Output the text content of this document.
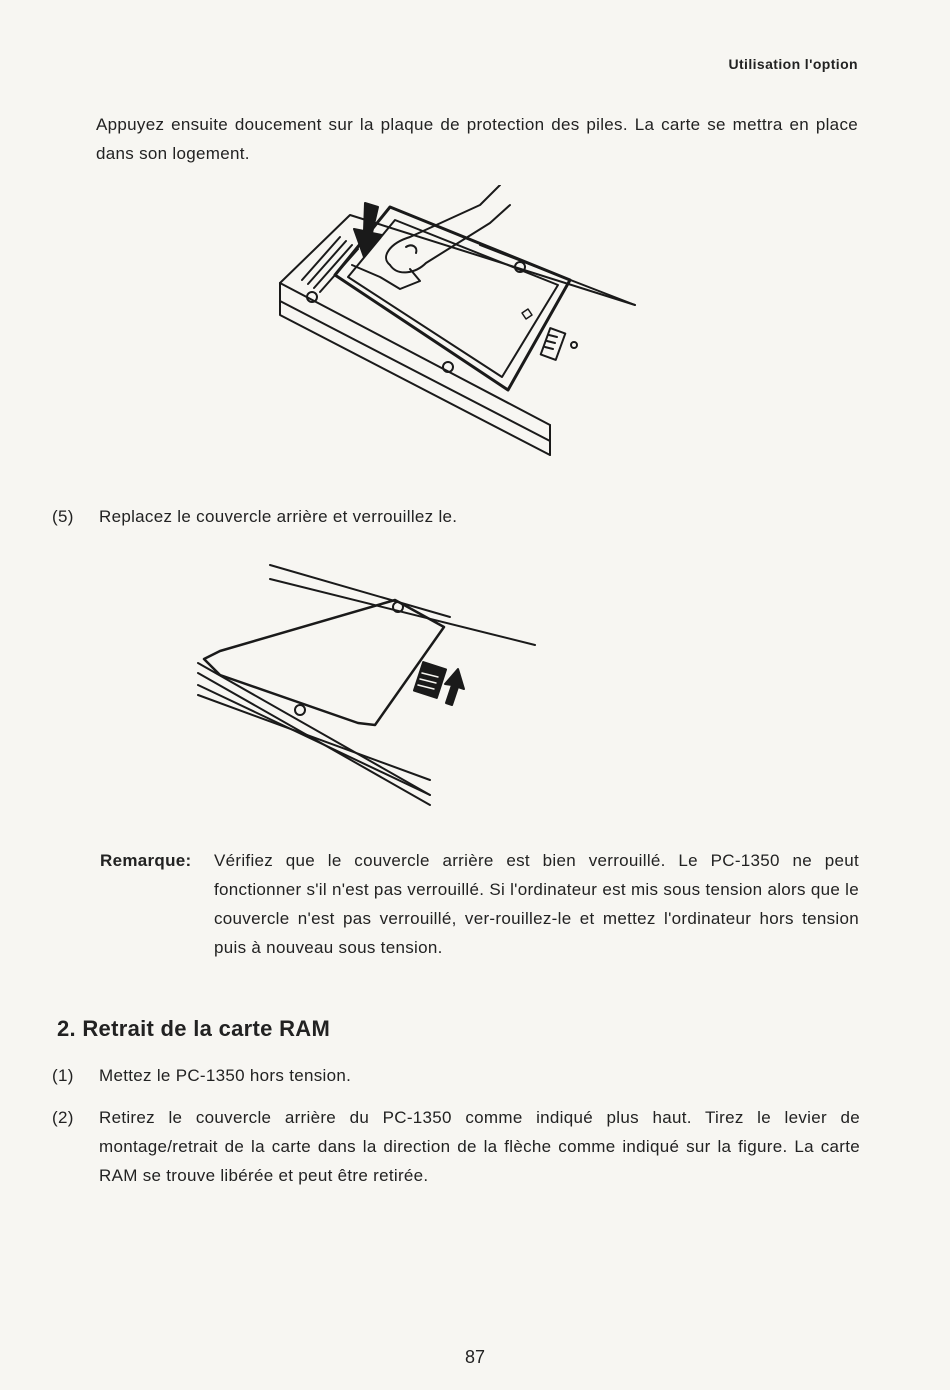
Utilisation l'option
Appuyez ensuite doucement sur la plaque de protection des piles. La carte se mettra en place dans son logement.
(5) Replacez le couvercle arrière et verrouillez le.
Remarque: Vérifiez que le couvercle arrière est bien verrouillé. Le PC-1350 ne peut fonctionner s'il n'est pas verrouillé. Si l'ordinateur est mis sous tension alors que le couvercle n'est pas verrouillé, ver-rouillez-le et mettez l'ordinateur hors tension puis à nouveau sous tension.
2. Retrait de la carte RAM
(1) Mettez le PC-1350 hors tension.
(2) Retirez le couvercle arrière du PC-1350 comme indiqué plus haut. Tirez le levier de montage/retrait de la carte dans la direction de la flèche comme indiqué sur la figure. La carte RAM se trouve libérée et peut être retirée.
87
